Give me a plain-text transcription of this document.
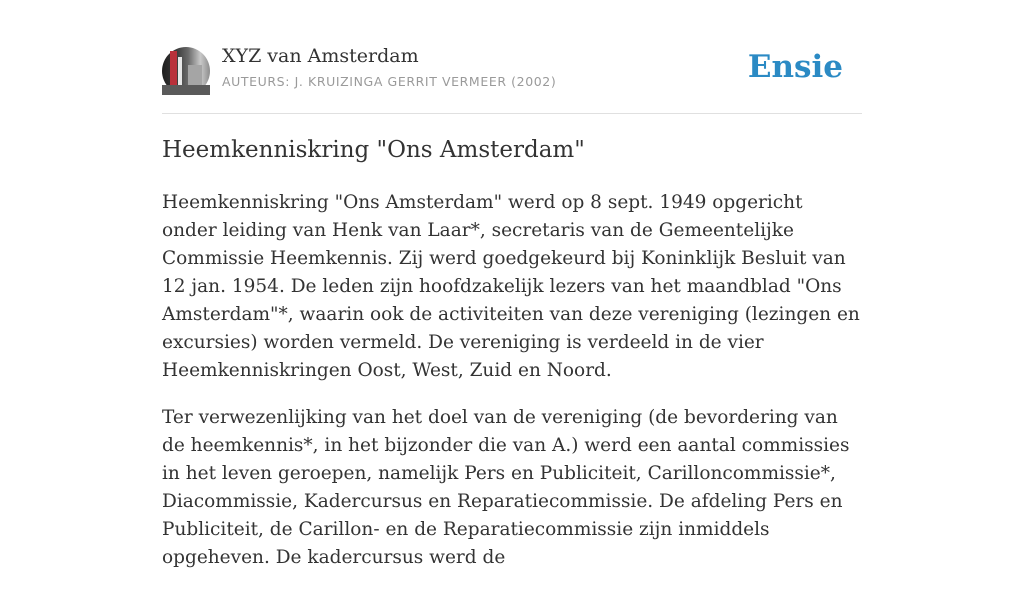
XYZ van Amsterdam
AUTEURS: J. KRUIZINGA GERRIT VERMEER (2002)	Ensie
Heemkenniskring "Ons Amsterdam"

Heemkenniskring "Ons Amsterdam" werd op 8 sept. 1949 opgericht onder leiding van Henk van Laar*, secretaris van de Gemeentelijke Commissie Heemkennis. Zij werd goedgekeurd bij Koninklijk Besluit van 12 jan. 1954. De leden zijn hoofdzakelijk lezers van het maandblad "Ons Amsterdam"*, waarin ook de activiteiten van deze vereniging (lezingen en excursies) worden vermeld. De vereniging is verdeeld in de vier Heemkenniskringen Oost, West, Zuid en Noord.

Ter verwezenlijking van het doel van de vereniging (de bevordering van de heemkennis*, in het bijzonder die van A.) werd een aantal commissies in het leven geroepen, namelijk Pers en Publiciteit, Carilloncommissie*, Diacommissie, Kadercursus en Reparatiecommissie. De afdeling Pers en Publiciteit, de Carillon- en de Reparatiecommissie zijn inmiddels opgeheven. De kadercursus werd de
